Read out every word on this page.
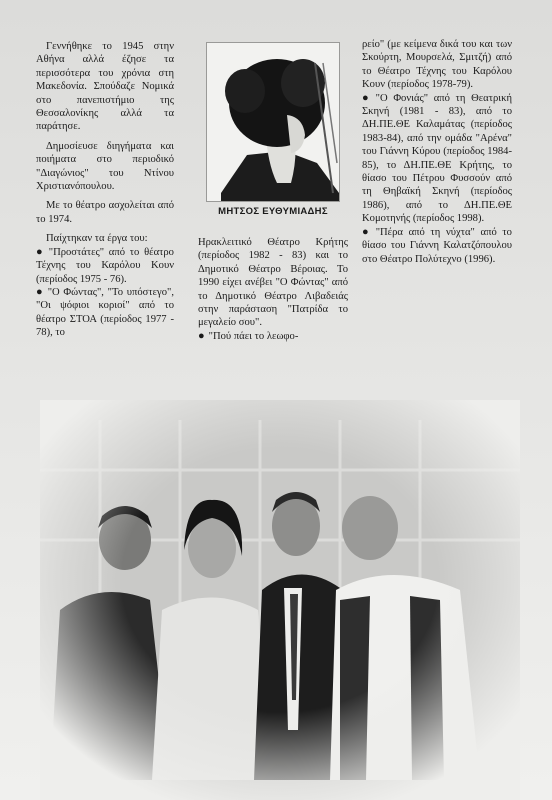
Γεννήθηκε το 1945 στην Αθήνα αλλά έζησε τα περισσότερα του χρόνια στη Μακεδονία. Σπούδαζε Νομικά στο πανεπιστήμιο της Θεσσαλονίκης αλλά τα παράτησε.

Δημοσίευσε διηγήματα και ποιήματα στο περιοδικό "Διαγώνιος" του Ντίνου Χριστιανόπουλου.

Με το θέατρο ασχολείται από το 1974.

Παίχτηκαν τα έργα του:

● "Προστάτες" από το θέατρο Τέχνης του Καρόλου Κουν (περίοδος 1975 - 76).

● "Ο Φώντας", "Το υπόστεγο", "Οι ψόφιοι κοριοί" από το θέατρο ΣΤΟΑ (περίοδος 1977 - 78), το

ΜΗΤΣΟΣ ΕΥΘΥΜΙΑΔΗΣ

Ηρακλειτικό Θέατρο Κρήτης (περίοδος 1982 - 83) και το Δημοτικό Θέατρο Βέροιας. Το 1990 είχει ανέβει "Ο Φώντας" από το Δημοτικό Θέατρο Λιβαδειάς στην παράσταση "Πατρίδα το μεγαλείο σου".

● "Πού πάει το λεωφο-

ρείο" (με κείμενα δικά του και των Σκούρτη, Μουρσελά, Σμιτζή) από το Θέατρο Τέχνης του Καρόλου Κουν (περίοδος 1978-79).

● "Ο Φονιάς" από τη Θεατρική Σκηνή (1981 - 83), από το ΔΗ.ΠΕ.ΘΕ Καλαμάτας (περίοδος 1983-84), από την ομάδα "Αρένα" του Γιάννη Κύρου (περίοδος 1984-85), το ΔΗ.ΠΕ.ΘΕ Κρήτης, το θίασο του Πέτρου Φυσσούν από τη Θηβαϊκή Σκηνή (περίοδος 1986), από το ΔΗ.ΠΕ.ΘΕ Κομοτηνής (περίοδος 1998).

● "Πέρα από τη νύχτα" από το θίασο του Γιάννη Καλατζόπουλου στο Θέατρο Πολύτεχνο (1996).
